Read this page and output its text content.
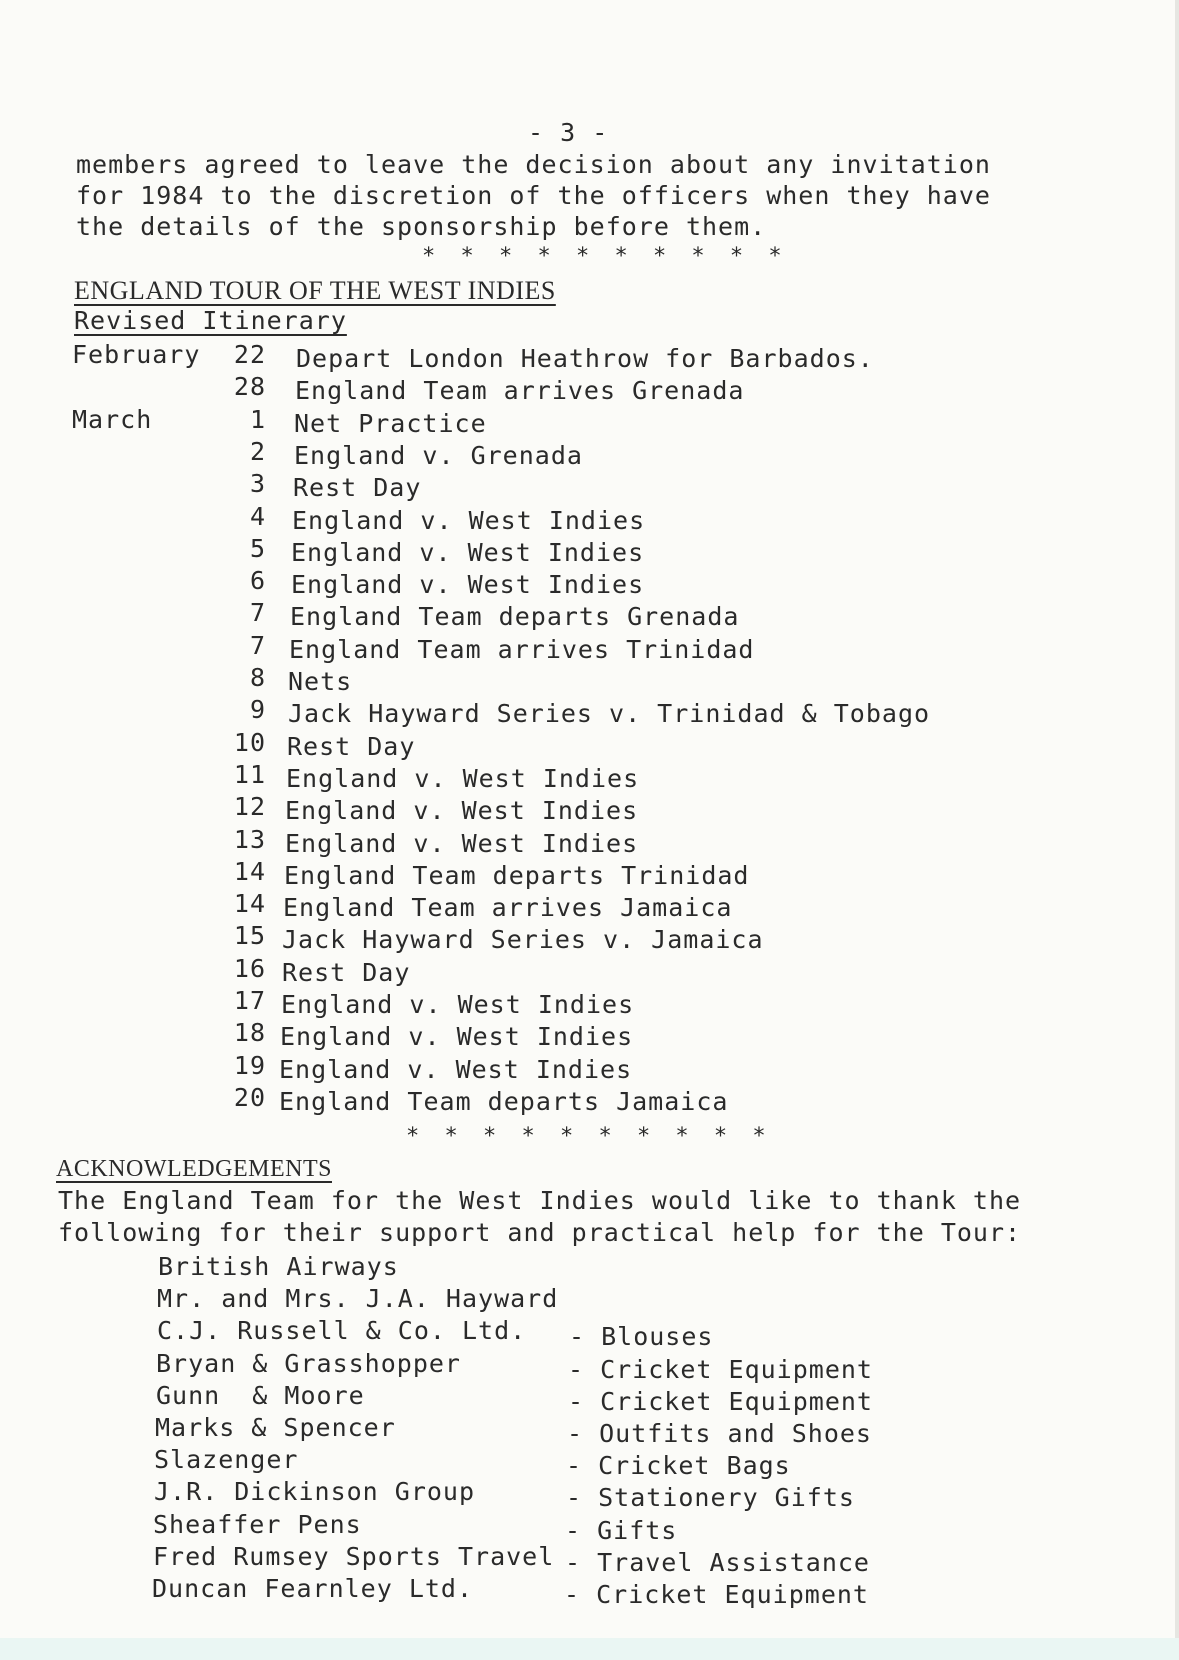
- 3 -
members agreed to leave the decision about any invitation
for 1984 to the discretion of the officers when they have
the details of the sponsorship before them.
* * * * * * * * * *
ENGLAND TOUR OF THE WEST INDIES
Revised Itinerary
February	22 Depart London Heathrow for Barbados.
28 England Team arrives Grenada
March	1 Net Practice
2 England v. Grenada
3 Rest Day
4 England v. West Indies
5 England v. West Indies
6 England v. West Indies
7 England Team departs Grenada
7 England Team arrives Trinidad
8 Nets
9 Jack Hayward Series v. Trinidad & Tobago
10 Rest Day
11 England v. West Indies
12 England v. West Indies
13 England v. West Indies
14 England Team departs Trinidad
14 England Team arrives Jamaica
15 Jack Hayward Series v. Jamaica
16 Rest Day
17 England v. West Indies
18 England v. West Indies
19 England v. West Indies
20 England Team departs Jamaica
* * * * * * * * * *
ACKNOWLEDGEMENTS
The England Team for the West Indies would like to thank the
following for their support and practical help for the Tour:
British Airways
Mr. and Mrs. J.A. Hayward
C.J. Russell & Co. Ltd. - Blouses
Bryan & Grasshopper	- Cricket Equipment
Gunn  & Moore	- Cricket Equipment
Marks & Spencer	- Outfits and Shoes
Slazenger	- Cricket Bags
J.R. Dickinson Group	- Stationery Gifts
Sheaffer Pens	- Gifts
Fred Rumsey Sports Travel - Travel Assistance
Duncan Fearnley Ltd.	- Cricket Equipment
